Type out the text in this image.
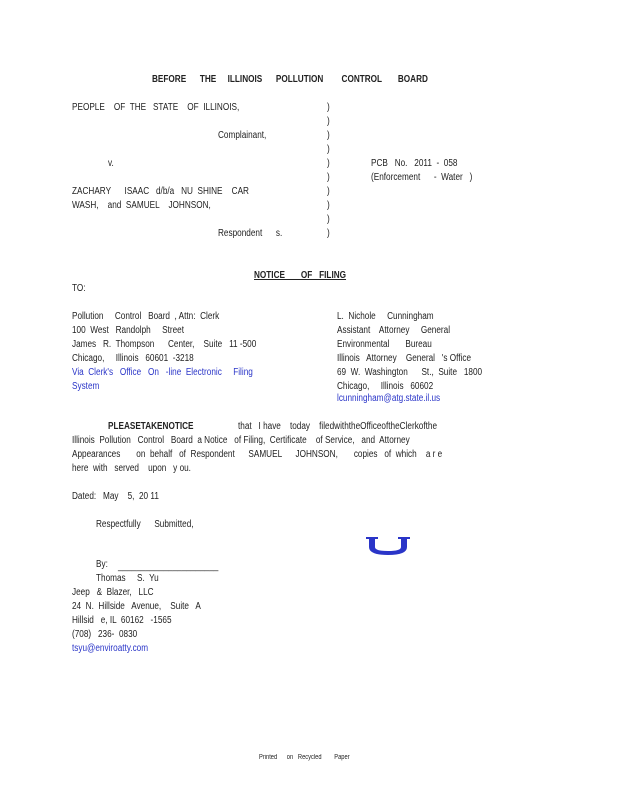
BEFORE      THE     ILLINOIS      POLLUTION        CONTROL       BOARD
PEOPLE    OF  THE   STATE    OF  ILLINOIS,
Complainant,
v.
ZACHARY      ISAAC   d/b/a   NU  SHINE    CAR
WASH,    and  SAMUEL    JOHNSON,
Respondent      s.
)
)
)
)
)
)
)
)
)
)
PCB   No.   2011  -  058
(Enforcement      -  Water   )
NOTICE       OF   FILING
TO:
Pollution     Control   Board  , Attn:  Clerk
100  West   Randolph     Street
James   R.  Thompson      Center,    Suite   11 -500
Chicago,     Illinois   60601  -3218
Via  Clerk's   Office   On   -line  Electronic     Filing
System
L.  Nichole     Cunningham
Assistant    Attorney     General
Environmental       Bureau
Illinois   Attorney    General   's Office
69  W.  Washington      St.,  Suite   1800
Chicago,     Illinois   60602
lcunningham@atg.state.il.us
PLEASETAKENOTICE	that   I have    today    filedwiththeOfficeoftheClerkofthe
Illinois  Pollution   Control   Board  a Notice   of Filing,  Certificate    of Service,   and  Attorney
Appearances       on  behalf   of  Respondent      SAMUEL      JOHNSON,       copies   of  which    a r e
here  with   served    upon   y ou.
Dated:   May    5,  20 11
Respectfully      Submitted,
By: ______________________
Thomas     S.  Yu
Jeep   &  Blazer,   LLC
24  N.  Hillside   Avenue,    Suite   A
Hillsid   e, IL  60162   -1565
(708)   236-  0830
tsyu@enviroatty.com
Printed      on   Recycled        Paper
